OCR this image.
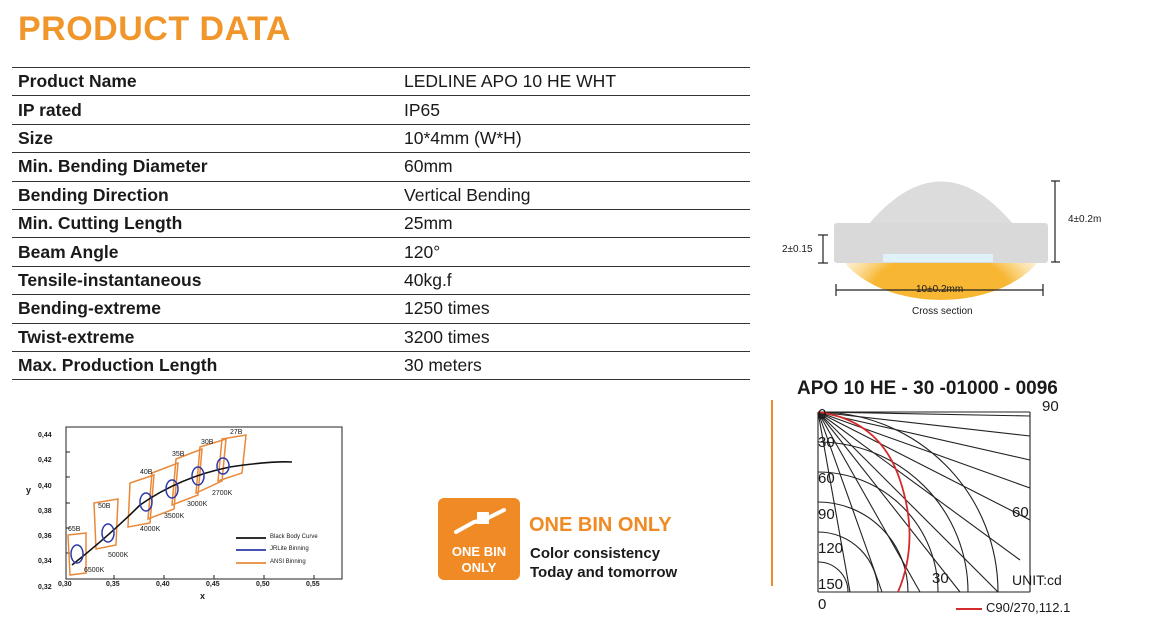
PRODUCT DATA
Product Name	LEDLINE APO 10 HE WHT
IP rated	IP65
Size	10*4mm (W*H)
Min. Bending Diameter	60mm
Bending Direction	Vertical Bending
Min. Cutting Length	25mm
Beam Angle	120°
Tensile-instantaneous	40kg.f
Bending-extreme	1250 times
Twist-extreme	3200 times
Max. Production Length	30 meters
4±0.2m
2±0.15
10±0.2mm
Cross section
0,44
0,42
0,40
0,38
0,36
0,34
0,32
y
0,30	0,35	0,40	0,45	0,50	0,55
x
65B
50B
40B
35B
30B
27B
6500K
5000K
4000K
3500K
3000K
2700K
Black Body Curve
JRLite Binning
ANSI Binning
ONE BIN
ONLY
ONE BIN ONLY
Color consistency
Today and tomorrow
APO 10 HE - 30 -01000 - 0096
0
30
60
90
120
150
0
90
60
30	UNIT:cd
C90/270,112.1
